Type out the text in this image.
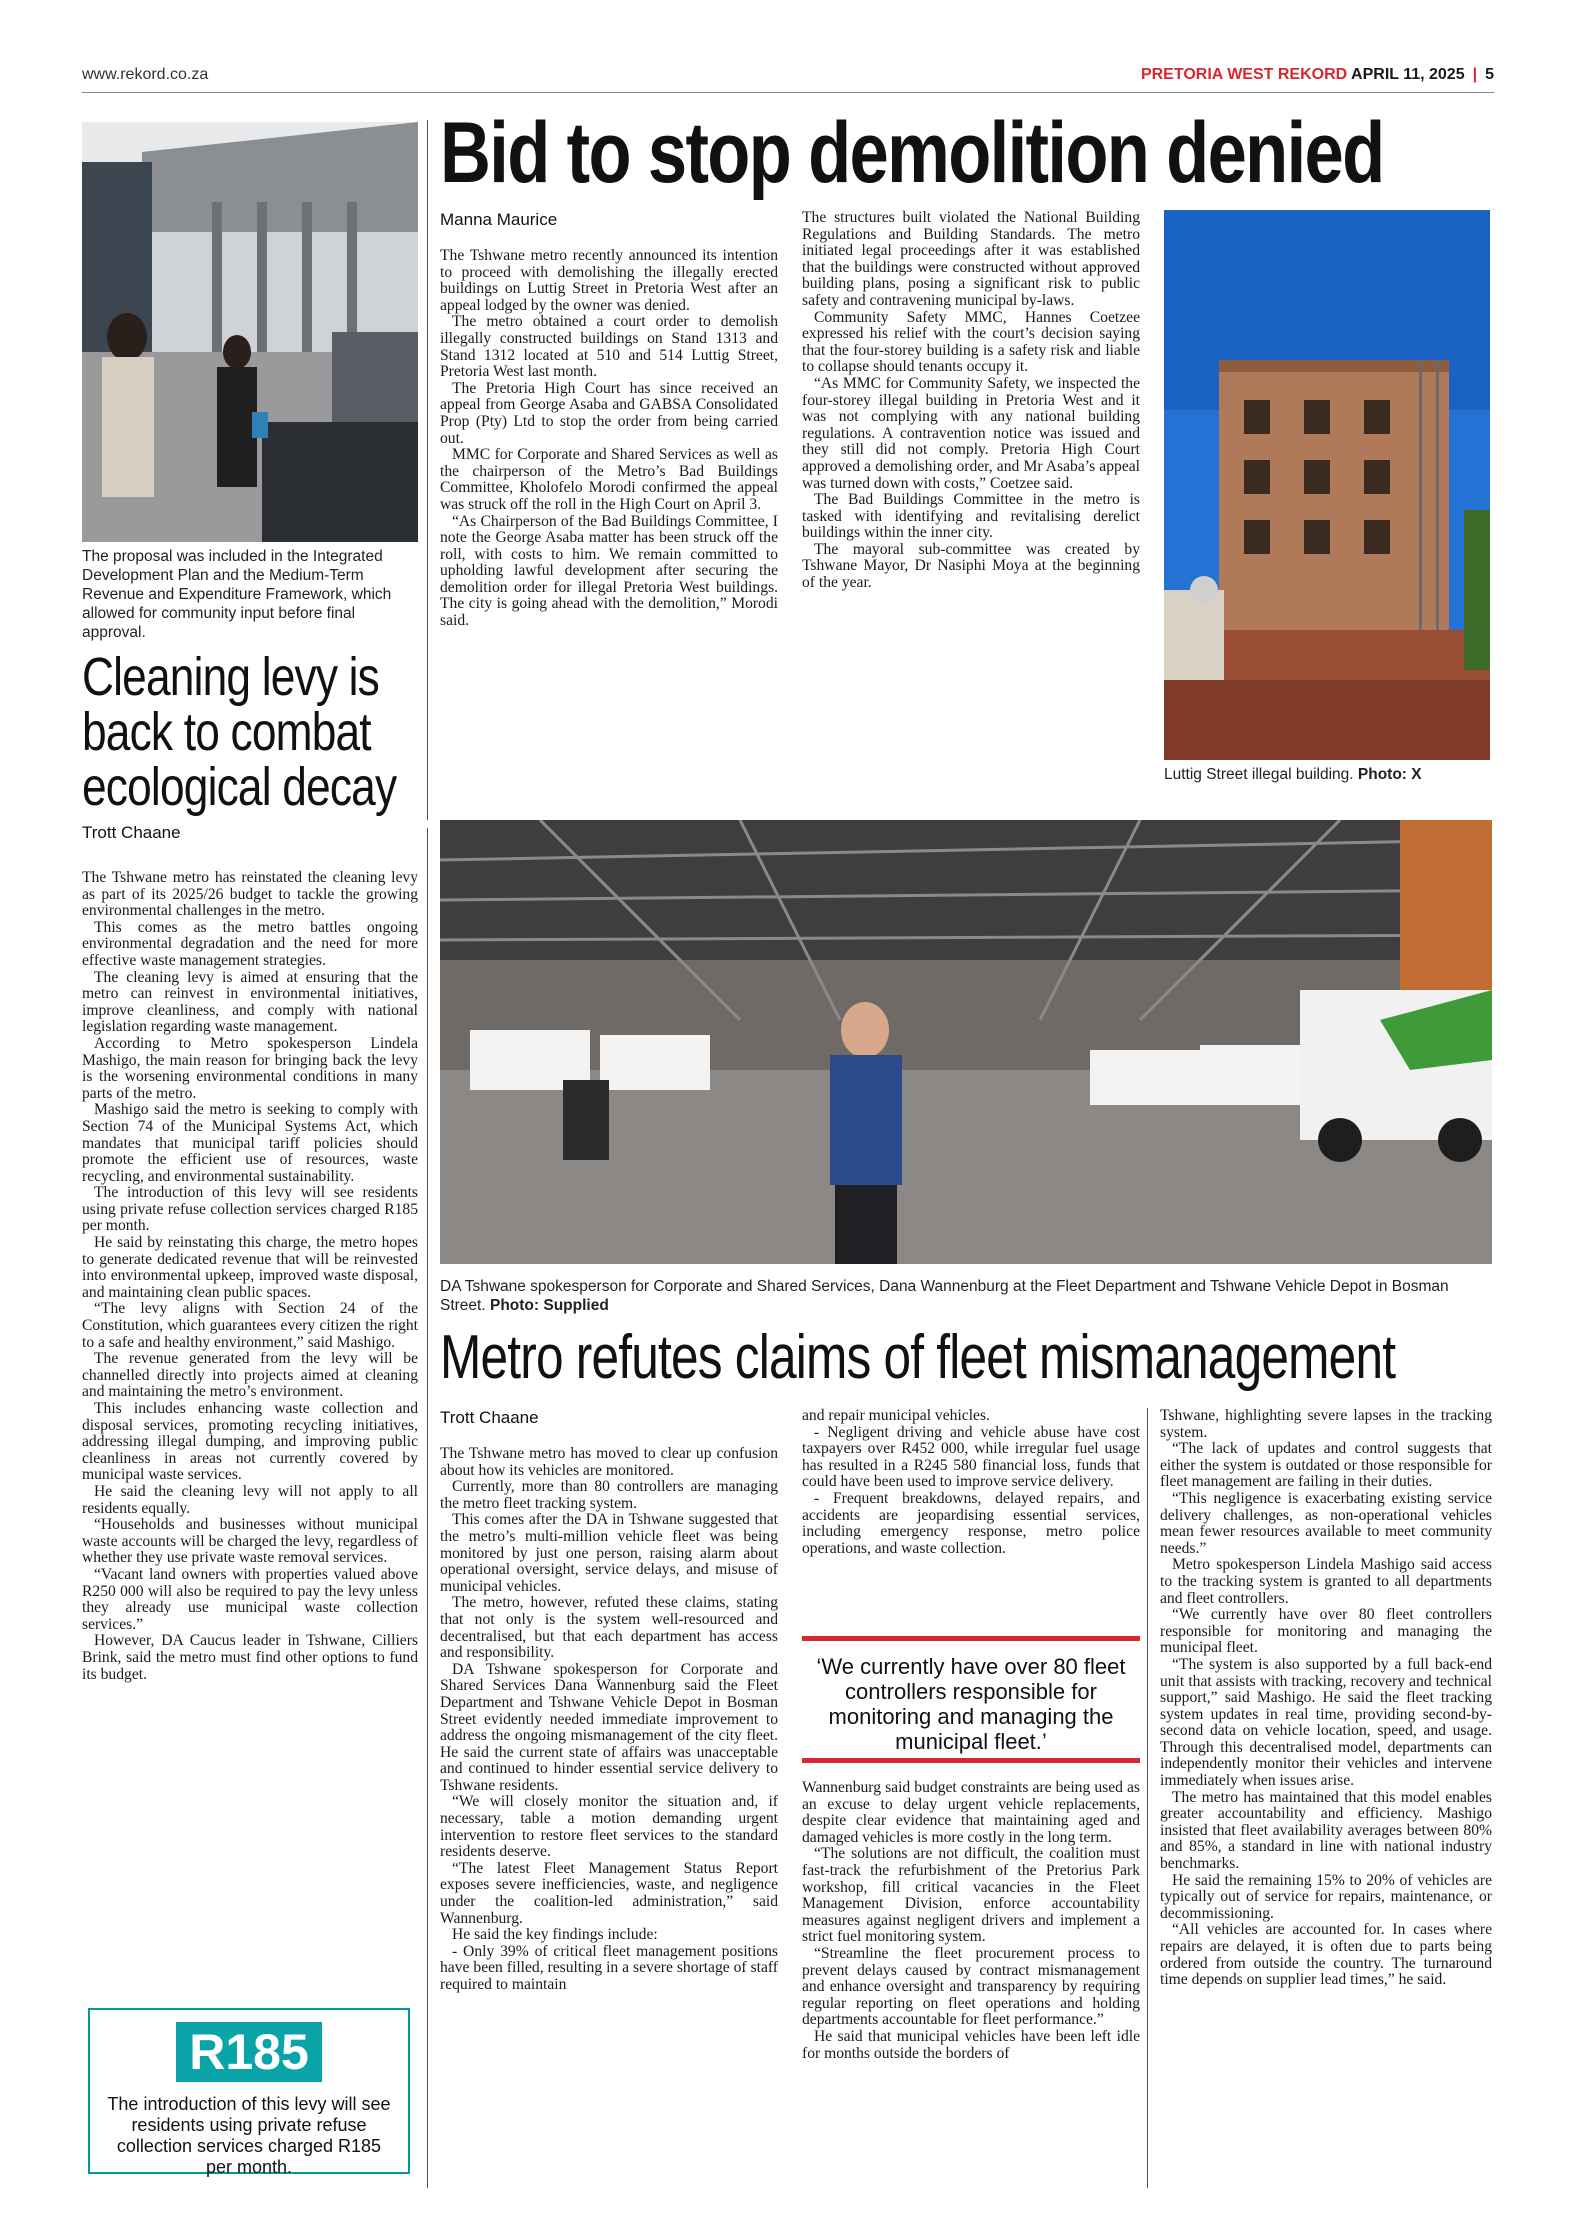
www.rekord.co.za	PRETORIA WEST REKORD APRIL 11, 2025 | 5
Bid to stop demolition denied
Manna Maurice

The Tshwane metro recently announced its intention to proceed with demolishing the illegally erected buildings on Luttig Street in Pretoria West after an appeal lodged by the owner was denied.

The metro obtained a court order to demolish illegally constructed buildings on Stand 1313 and Stand 1312 located at 510 and 514 Luttig Street, Pretoria West last month.

The Pretoria High Court has since received an appeal from George Asaba and GABSA Consolidated Prop (Pty) Ltd to stop the order from being carried out.

MMC for Corporate and Shared Services as well as the chairperson of the Metro’s Bad Buildings Committee, Kholofelo Morodi confirmed the appeal was struck off the roll in the High Court on April 3.

“As Chairperson of the Bad Buildings Committee, I note the George Asaba matter has been struck off the roll, with costs to him. We remain committed to upholding lawful development after securing the demolition order for illegal Pretoria West buildings. The city is going ahead with the demolition,” Morodi said.

The structures built violated the National Building Regulations and Building Standards. The metro initiated legal proceedings after it was established that the buildings were constructed without approved building plans, posing a significant risk to public safety and contravening municipal by-laws.

Community Safety MMC, Hannes Coetzee expressed his relief with the court’s decision saying that the four-storey building is a safety risk and liable to collapse should tenants occupy it.

“As MMC for Community Safety, we inspected the four-storey illegal building in Pretoria West and it was not complying with any national building regulations. A contravention notice was issued and they still did not comply. Pretoria High Court approved a demolishing order, and Mr Asaba’s appeal was turned down with costs,” Coetzee said.

The Bad Buildings Committee in the metro is tasked with identifying and revitalising derelict buildings within the inner city.

The mayoral sub-committee was created by Tshwane Mayor, Dr Nasiphi Moya at the beginning of the year.

Luttig Street illegal building. Photo: X
The proposal was included in the Integrated Development Plan and the Medium-Term Revenue and Expenditure Framework, which allowed for community input before final approval.
Cleaning levy is back to combat ecological decay
Trott Chaane

The Tshwane metro has reinstated the cleaning levy as part of its 2025/26 budget to tackle the growing environmental challenges in the metro.

This comes as the metro battles ongoing environmental degradation and the need for more effective waste management strategies.

The cleaning levy is aimed at ensuring that the metro can reinvest in environmental initiatives, improve cleanliness, and comply with national legislation regarding waste management.

According to Metro spokesperson Lindela Mashigo, the main reason for bringing back the levy is the worsening environmental conditions in many parts of the metro.

Mashigo said the metro is seeking to comply with Section 74 of the Municipal Systems Act, which mandates that municipal tariff policies should promote the efficient use of resources, waste recycling, and environmental sustainability.

The introduction of this levy will see residents using private refuse collection services charged R185 per month.

He said by reinstating this charge, the metro hopes to generate dedicated revenue that will be reinvested into environmental upkeep, improved waste disposal, and maintaining clean public spaces.

“The levy aligns with Section 24 of the Constitution, which guarantees every citizen the right to a safe and healthy environment,” said Mashigo.

The revenue generated from the levy will be channelled directly into projects aimed at cleaning and maintaining the metro’s environment.

This includes enhancing waste collection and disposal services, promoting recycling initiatives, addressing illegal dumping, and improving public cleanliness in areas not currently covered by municipal waste services.

He said the cleaning levy will not apply to all residents equally.

“Households and businesses without municipal waste accounts will be charged the levy, regardless of whether they use private waste removal services.

“Vacant land owners with properties valued above R250 000 will also be required to pay the levy unless they already use municipal waste collection services.”

However, DA Caucus leader in Tshwane, Cilliers Brink, said the metro must find other options to fund its budget.

R185
The introduction of this levy will see residents using private refuse collection services charged R185 per month.
DA Tshwane spokesperson for Corporate and Shared Services, Dana Wannenburg at the Fleet Department and Tshwane Vehicle Depot in Bosman Street. Photo: Supplied
Metro refutes claims of fleet mismanagement
Trott Chaane

The Tshwane metro has moved to clear up confusion about how its vehicles are monitored.

Currently, more than 80 controllers are managing the metro fleet tracking system.

This comes after the DA in Tshwane suggested that the metro’s multi-million vehicle fleet was being monitored by just one person, raising alarm about operational oversight, service delays, and misuse of municipal vehicles.

The metro, however, refuted these claims, stating that not only is the system well-resourced and decentralised, but that each department has access and responsibility.

DA Tshwane spokesperson for Corporate and Shared Services Dana Wannenburg said the Fleet Department and Tshwane Vehicle Depot in Bosman Street evidently needed immediate improvement to address the ongoing mismanagement of the city fleet. He said the current state of affairs was unacceptable and continued to hinder essential service delivery to Tshwane residents.

“We will closely monitor the situation and, if necessary, table a motion demanding urgent intervention to restore fleet services to the standard residents deserve.

“The latest Fleet Management Status Report exposes severe inefficiencies, waste, and negligence under the coalition-led administration,” said Wannenburg.

He said the key findings include:

- Only 39% of critical fleet management positions have been filled, resulting in a severe shortage of staff required to maintain

and repair municipal vehicles.

- Negligent driving and vehicle abuse have cost taxpayers over R452 000, while irregular fuel usage has resulted in a R245 580 financial loss, funds that could have been used to improve service delivery.

- Frequent breakdowns, delayed repairs, and accidents are jeopardising essential services, including emergency response, metro police operations, and waste collection.

‘We currently have over 80 fleet controllers responsible for monitoring and managing the municipal fleet.’

Wannenburg said budget constraints are being used as an excuse to delay urgent vehicle replacements, despite clear evidence that maintaining aged and damaged vehicles is more costly in the long term.

“The solutions are not difficult, the coalition must fast-track the refurbishment of the Pretorius Park workshop, fill critical vacancies in the Fleet Management Division, enforce accountability measures against negligent drivers and implement a strict fuel monitoring system.

“Streamline the fleet procurement process to prevent delays caused by contract mismanagement and enhance oversight and transparency by requiring regular reporting on fleet operations and holding departments accountable for fleet performance.”

He said that municipal vehicles have been left idle for months outside the borders of

Tshwane, highlighting severe lapses in the tracking system.

“The lack of updates and control suggests that either the system is outdated or those responsible for fleet management are failing in their duties.

“This negligence is exacerbating existing service delivery challenges, as non-operational vehicles mean fewer resources available to meet community needs.”

Metro spokesperson Lindela Mashigo said access to the tracking system is granted to all departments and fleet controllers.

“We currently have over 80 fleet controllers responsible for monitoring and managing the municipal fleet.

“The system is also supported by a full back-end unit that assists with tracking, recovery and technical support,” said Mashigo. He said the fleet tracking system updates in real time, providing second-by-second data on vehicle location, speed, and usage. Through this decentralised model, departments can independently monitor their vehicles and intervene immediately when issues arise.

The metro has maintained that this model enables greater accountability and efficiency. Mashigo insisted that fleet availability averages between 80% and 85%, a standard in line with national industry benchmarks.

He said the remaining 15% to 20% of vehicles are typically out of service for repairs, maintenance, or decommissioning.

“All vehicles are accounted for. In cases where repairs are delayed, it is often due to parts being ordered from outside the country. The turnaround time depends on supplier lead times,” he said.
